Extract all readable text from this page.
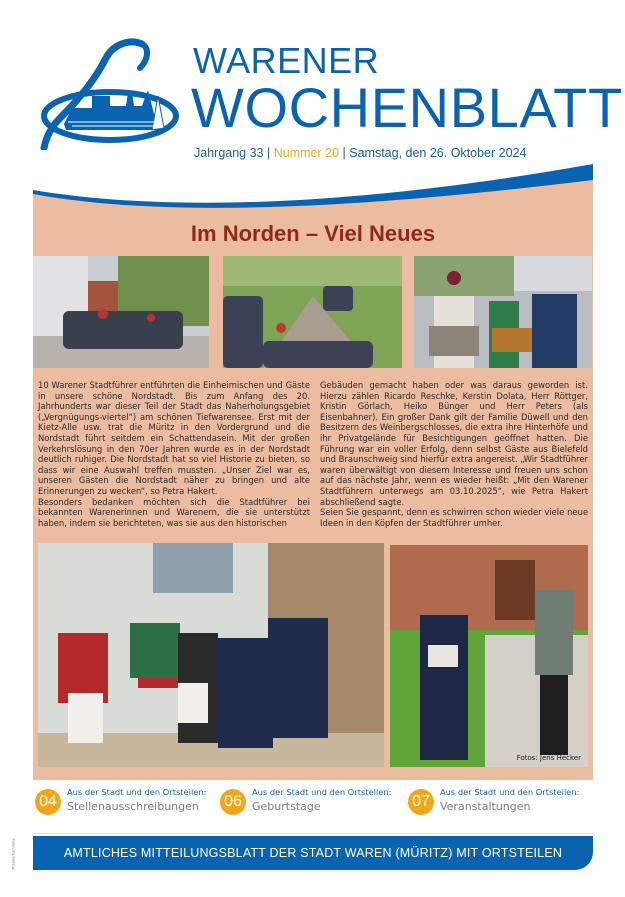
WARENER
WOCHENBLATT
Jahrgang 33 | Nummer 20 | Samstag, den 26. Oktober 2024
Im Norden – Viel Neues

10 Warener Stadtführer entführten die Einheimischen und Gäste in unsere schöne Nordstadt. Bis zum Anfang des 20. Jahrhunderts war dieser Teil der Stadt das Naherholungsgebiet („Vergnügungs-viertel“) am schönen Tiefwarensee. Erst mit der Kietz-Alle usw. trat die Müritz in den Vordergrund und die Nordstadt führt seitdem ein Schattendasein. Mit der großen Verkehrslösung in den 70er Jahren wurde es in der Nordstadt deutlich ruhiger. Die Nordstadt hat so viel Historie zu bieten, so dass wir eine Auswahl treffen mussten. „Unser Ziel war es, unseren Gästen die Nordstadt näher zu bringen und alte Erinnerungen zu wecken“, so Petra Hakert.

Besonders bedanken möchten sich die Stadtführer bei bekannten Warenerinnen und Warenern, die sie unterstützt haben, indem sie berichteten, was sie aus den historischen

Gebäuden gemacht haben oder was daraus geworden ist. Hierzu zählen Ricardo Reschke, Kerstin Dolata, Herr Röttger, Kristin Görlach, Heiko Bünger und Herr Peters (als Eisenbahner). Ein großer Dank gilt der Familie Düwell und den Besitzern des Weinbergschlosses, die extra ihre Hinterhöfe und ihr Privatgelände für Besichtigungen geöffnet hatten. Die Führung war ein voller Erfolg, denn selbst Gäste aus Bielefeld und Braunschweig sind hierfür extra angereist. „Wir Stadtführer waren überwältigt von diesem Interesse und freuen uns schon auf das nächste Jahr, wenn es wieder heißt: „Mit den Warener Stadtführern unterwegs am 03.10.2025“, wie Petra Hakert abschließend sagte.

Seien Sie gespannt, denn es schwirren schon wieder viele neue Ideen in den Köpfen der Stadtführer umher.

Fotos: Jens Hecker
04
Aus der Stadt und den Ortsteilen:
Stellenausschreibungen 06
Aus der Stadt und den Ortsteilen:
Geburtstage	07
Aus der Stadt und den Ortsteilen:
Veranstaltungen
Postwurfsendung	AMTLICHES MITTEILUNGSBLATT DER STADT WAREN (MÜRITZ) MIT ORTSTEILEN
